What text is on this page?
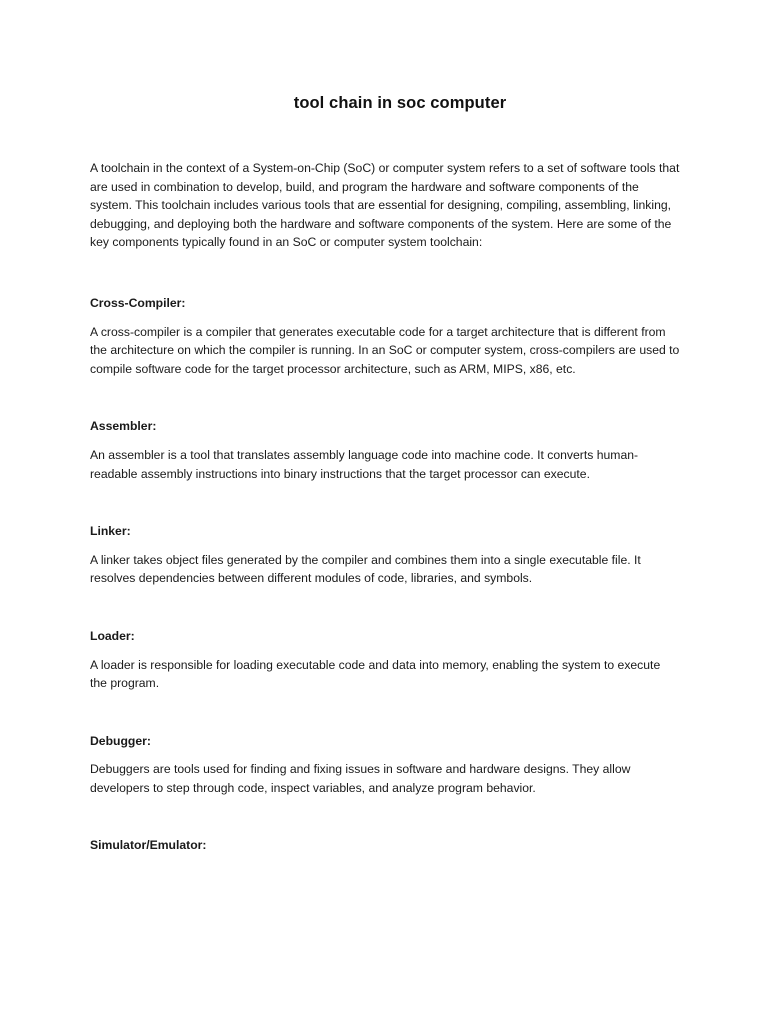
tool chain in soc computer

A toolchain in the context of a System-on-Chip (SoC) or computer system refers to a set of software tools that are used in combination to develop, build, and program the hardware and software components of the system. This toolchain includes various tools that are essential for designing, compiling, assembling, linking, debugging, and deploying both the hardware and software components of the system. Here are some of the key components typically found in an SoC or computer system toolchain:

Cross-Compiler:

A cross-compiler is a compiler that generates executable code for a target architecture that is different from the architecture on which the compiler is running. In an SoC or computer system, cross-compilers are used to compile software code for the target processor architecture, such as ARM, MIPS, x86, etc.

Assembler:

An assembler is a tool that translates assembly language code into machine code. It converts human-readable assembly instructions into binary instructions that the target processor can execute.

Linker:

A linker takes object files generated by the compiler and combines them into a single executable file. It resolves dependencies between different modules of code, libraries, and symbols.

Loader:

A loader is responsible for loading executable code and data into memory, enabling the system to execute the program.

Debugger:

Debuggers are tools used for finding and fixing issues in software and hardware designs. They allow developers to step through code, inspect variables, and analyze program behavior.

Simulator/Emulator:
